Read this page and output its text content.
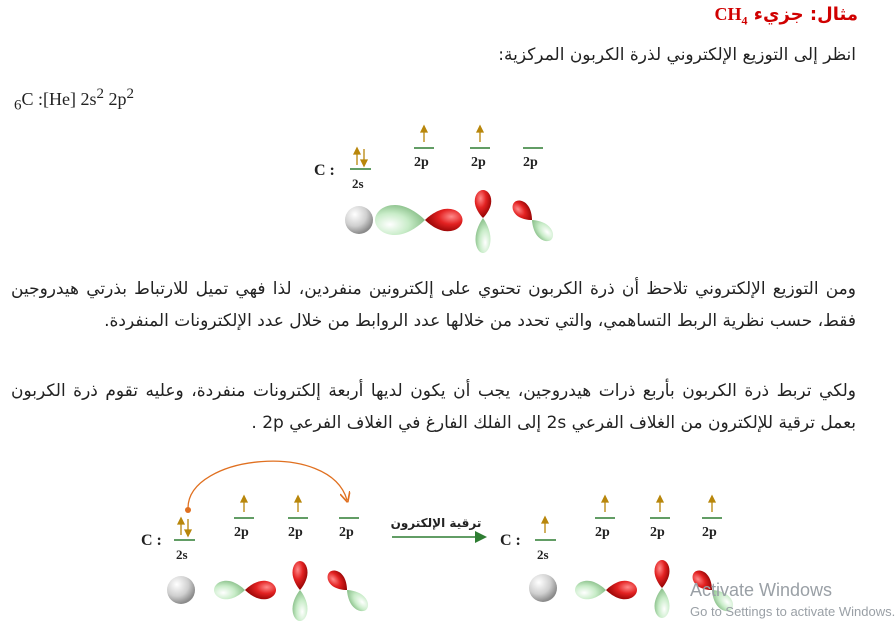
مثال: جزيء $CH_4$
انظر إلى التوزيع الإلكتروني لذرة الكربون المركزية:
$_6$C :[He] $2s^2$ $2p^2$
ومن التوزيع الإلكتروني تلاحظ أن ذرة الكربون تحتوي على إلكترونين منفردين، لذا فهي تميل للارتباط بذرتي هيدروجين فقط، حسب نظرية الربط التساهمي، والتي تحدد من خلالها عدد الروابط من خلال عدد الإلكترونات المنفردة.
ولكي تربط ذرة الكربون بأربع ذرات هيدروجين، يجب أن يكون لديها أربعة إلكترونات منفردة، وعليه تقوم ذرة الكربون بعمل ترقية للإلكترون من الغلاف الفرعي 2s إلى الفلك الفارغ في الغلاف الفرعي 2p .
C :
2s
2p	2p	2p
C :
2s
2p	2p	2p
ترقية الإلكترون
C :
2s
2p	2p	2p
Activate Windows
Go to Settings to activate Windows.
